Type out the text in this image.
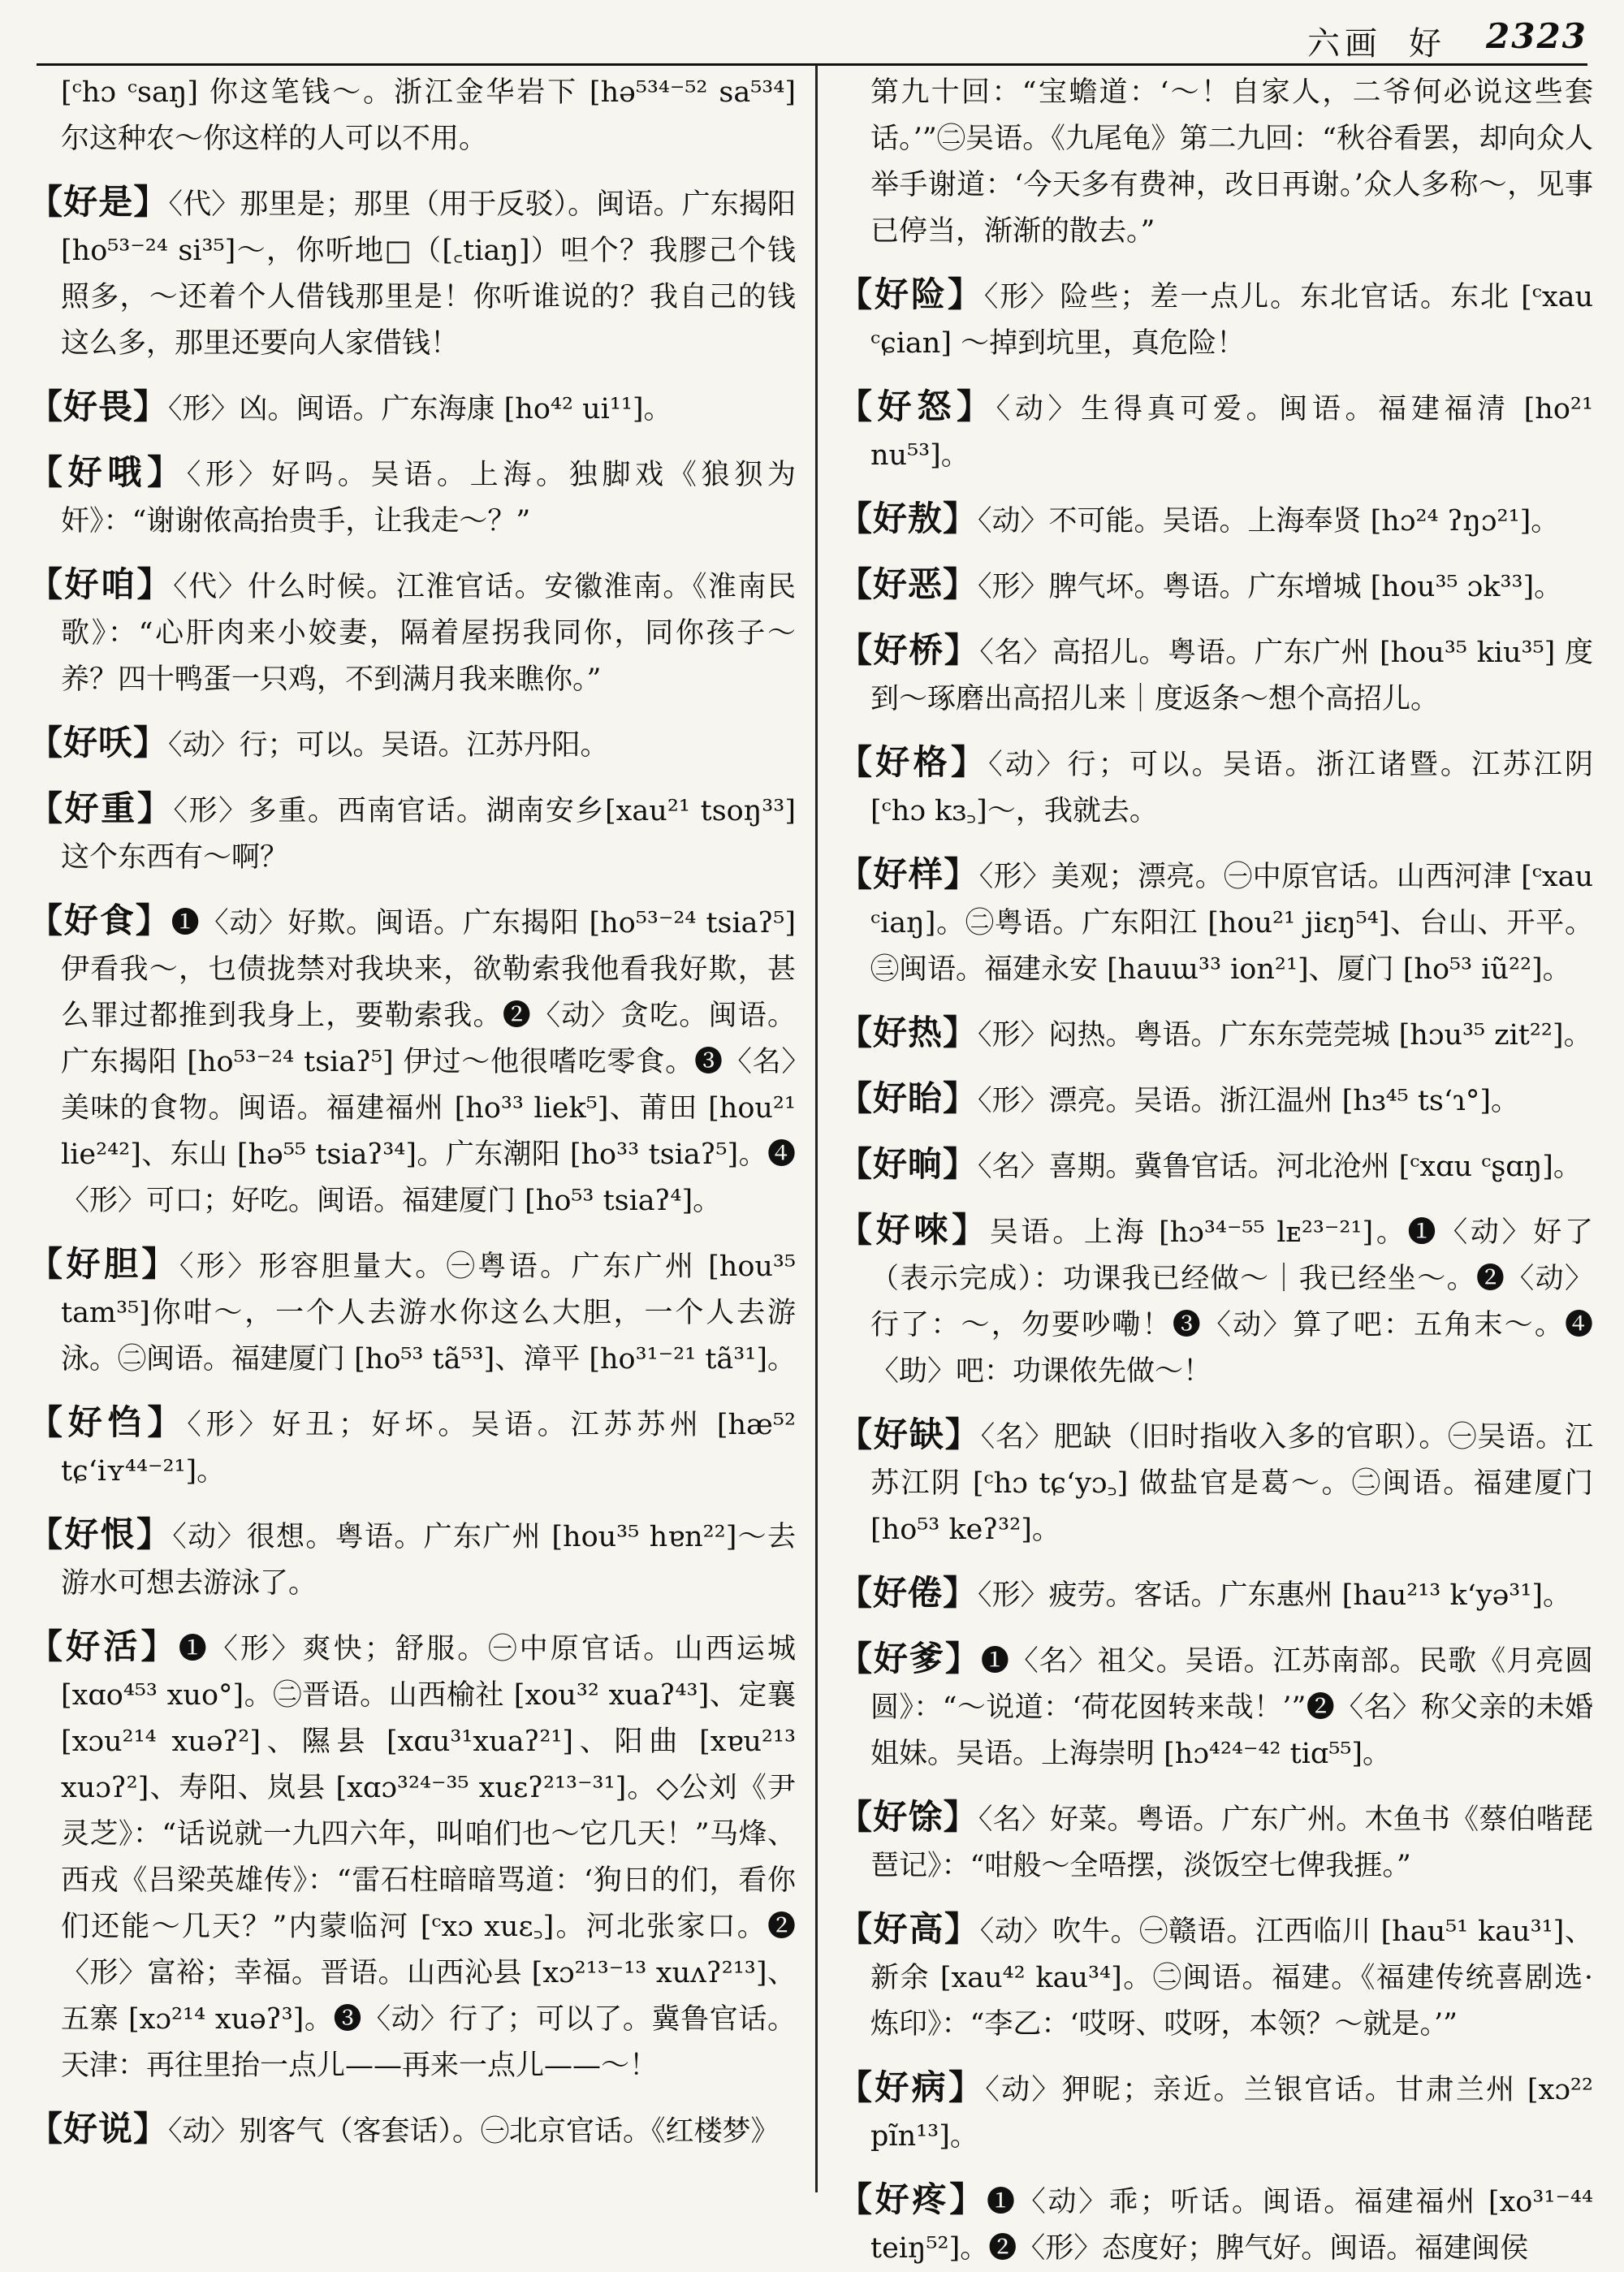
六画 好 2323

[ᶜhɔ ᶜsaŋ] 你这笔钱～。浙江金华岩下 [hə⁵³⁴⁻⁵² sa⁵³⁴] 尔这种农～你这样的人可以不用。

【好是】〈代〉那里是；那里（用于反驳）。闽语。广东揭阳 [ho⁵³⁻²⁴ si³⁵]～，你听地□（[꜀tiaŋ]）呾个？我膠己个钱照多，～还着个人借钱那里是！你听谁说的？我自己的钱这么多，那里还要向人家借钱！

【好畏】〈形〉凶。闽语。广东海康 [ho⁴² ui¹¹]。

【好哦】〈形〉好吗。吴语。上海。独脚戏《狼狈为奸》：“谢谢侬高抬贵手，让我走～？”

【好咱】〈代〉什么时候。江淮官话。安徽淮南。《淮南民歌》：“心肝肉来小姣妻，隔着屋拐我同你，同你孩子～养？四十鸭蛋一只鸡，不到满月我来瞧你。”

【好㕭】〈动〉行；可以。吴语。江苏丹阳。

【好重】〈形〉多重。西南官话。湖南安乡[xau²¹ tsoŋ³³] 这个东西有～啊？

【好食】❶〈动〉好欺。闽语。广东揭阳 [ho⁵³⁻²⁴ tsiaʔ⁵] 伊看我～，乜债拢禁对我块来，欲勒索我他看我好欺，甚么罪过都推到我身上，要勒索我。❷〈动〉贪吃。闽语。广东揭阳 [ho⁵³⁻²⁴ tsiaʔ⁵] 伊过～他很嗜吃零食。❸〈名〉美味的食物。闽语。福建福州 [ho³³ liek⁵]、莆田 [hou²¹ lie²⁴²]、东山 [hə⁵⁵ tsiaʔ³⁴]。广东潮阳 [ho³³ tsiaʔ⁵]。❹〈形〉可口；好吃。闽语。福建厦门 [ho⁵³ tsiaʔ⁴]。

【好胆】〈形〉形容胆量大。㊀粤语。广东广州 [hou³⁵ tam³⁵]你咁～，一个人去游水你这么大胆，一个人去游泳。㊁闽语。福建厦门 [ho⁵³ tã⁵³]、漳平 [ho³¹⁻²¹ tã³¹]。

【好㤘】〈形〉好丑；好坏。吴语。江苏苏州 [hæ⁵² tɕʻiʏ⁴⁴⁻²¹]。

【好恨】〈动〉很想。粤语。广东广州 [hou³⁵ hɐn²²]～去游水可想去游泳了。

【好活】❶〈形〉爽快；舒服。㊀中原官话。山西运城 [xɑo⁴⁵³ xuo°]。㊁晋语。山西榆社 [xou³² xuaʔ⁴³]、定襄 [xɔu²¹⁴ xuəʔ²]、隰县 [xɑu³¹xuaʔ²¹]、阳曲 [xɐu²¹³ xuɔʔ²]、寿阳、岚县 [xɑɔ³²⁴⁻³⁵ xuɛʔ²¹³⁻³¹]。◇公刘《尹灵芝》：“话说就一九四六年，叫咱们也～它几天！”马烽、西戎《吕梁英雄传》：“雷石柱暗暗骂道：‘狗日的们，看你们还能～几天？”内蒙临河 [ᶜxɔ xuɛ꜆]。河北张家口。❷〈形〉富裕；幸福。晋语。山西沁县 [xɔ²¹³⁻¹³ xuʌʔ²¹³]、五寨 [xɔ²¹⁴ xuəʔ³]。❸〈动〉行了；可以了。冀鲁官话。天津：再往里抬一点儿——再来一点儿——～！

【好说】〈动〉别客气（客套话）。㊀北京官话。《红楼梦》

第九十回：“宝蟾道：‘～！自家人，二爷何必说这些套话。’”㊁吴语。《九尾龟》第二九回：“秋谷看罢，却向众人举手谢道：‘今天多有费神，改日再谢。’众人多称～，见事已停当，渐渐的散去。”

【好险】〈形〉险些；差一点儿。东北官话。东北 [ᶜxau ᶜɕian] ～掉到坑里，真危险！

【好怒】〈动〉生得真可爱。闽语。福建福清 [ho²¹ nu⁵³]。

【好敖】〈动〉不可能。吴语。上海奉贤 [hɔ²⁴ ʔŋɔ²¹]。

【好恶】〈形〉脾气坏。粤语。广东增城 [hou³⁵ ɔk³³]。

【好桥】〈名〉高招儿。粤语。广东广州 [hou³⁵ kiu³⁵] 度到～琢磨出高招儿来｜度返条～想个高招儿。

【好格】〈动〉行；可以。吴语。浙江诸暨。江苏江阴 [ᶜhɔ kɜ꜆]～，我就去。

【好样】〈形〉美观；漂亮。㊀中原官话。山西河津 [ᶜxau ᶜiaŋ]。㊁粤语。广东阳江 [hou²¹ jiɛŋ⁵⁴]、台山、开平。㊂闽语。福建永安 [hauɯ³³ ion²¹]、厦门 [ho⁵³ iũ²²]。

【好热】〈形〉闷热。粤语。广东东莞莞城 [hɔu³⁵ zit²²]。

【好眙】〈形〉漂亮。吴语。浙江温州 [hɜ⁴⁵ tsʻɿ°]。

【好晌】〈名〉喜期。冀鲁官话。河北沧州 [ᶜxɑu ᶜʂɑŋ]。

【好唻】吴语。上海 [hɔ³⁴⁻⁵⁵ lᴇ²³⁻²¹]。❶〈动〉好了（表示完成）：功课我已经做～｜我已经坐～。❷〈动〉行了：～，勿要吵嘞！❸〈动〉算了吧：五角末～。❹〈助〉吧：功课侬先做～！

【好缺】〈名〉肥缺（旧时指收入多的官职）。㊀吴语。江苏江阴 [ᶜhɔ tɕʻyɔ꜆] 做盐官是葛～。㊁闽语。福建厦门 [ho⁵³ keʔ³²]。

【好倦】〈形〉疲劳。客话。广东惠州 [hau²¹³ kʻyə³¹]。

【好爹】❶〈名〉祖父。吴语。江苏南部。民歌《月亮圆圆》：“～说道：‘荷花囡转来哉！’”❷〈名〉称父亲的未婚姐妹。吴语。上海崇明 [hɔ⁴²⁴⁻⁴² tiɑ⁵⁵]。

【好馀】〈名〉好菜。粤语。广东广州。木鱼书《蔡伯喈琵琶记》：“咁般～全唔摆，淡饭空七俾我捱。”

【好高】〈动〉吹牛。㊀赣语。江西临川 [hau⁵¹ kau³¹]、新余 [xau⁴² kau³⁴]。㊁闽语。福建。《福建传统喜剧选·炼印》：“李乙：‘哎呀、哎呀，本领？～就是。’”

【好病】〈动〉狎昵；亲近。兰银官话。甘肃兰州 [xɔ²² pĩn¹³]。

【好疼】❶〈动〉乖；听话。闽语。福建福州 [xo³¹⁻⁴⁴ teiŋ⁵²]。❷〈形〉态度好；脾气好。闽语。福建闽侯
